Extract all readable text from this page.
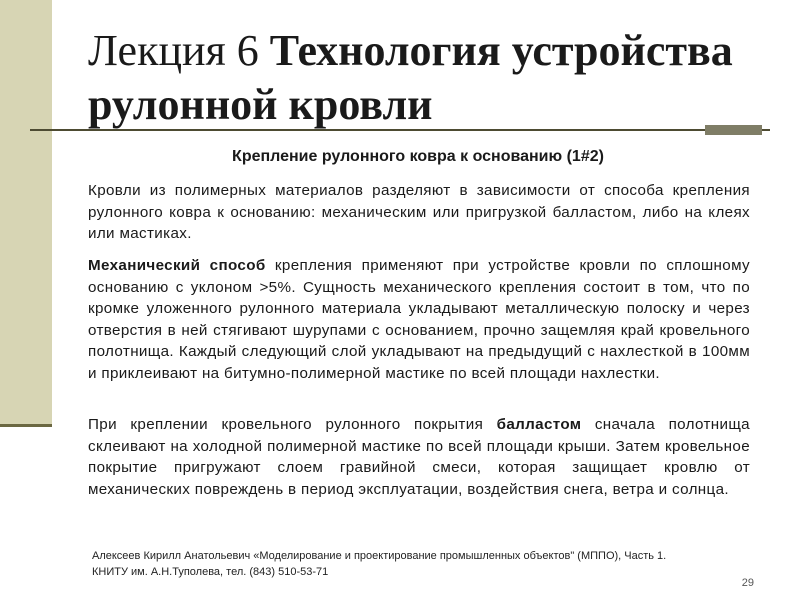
Лекция 6 Технология устройства рулонной кровли

Крепление рулонного ковра к основанию (1#2)

Кровли из полимерных материалов разделяют в зависимости от способа крепления рулонного ковра к основанию: механическим или пригрузкой балластом, либо на клеях или мастиках.

Механический способ крепления применяют при устройстве кровли по сплошному основанию с уклоном >5%. Сущность механического крепления состоит в том, что по кромке уложенного рулонного материала укладывают металлическую полоску и через отверстия в ней стягивают шурупами с основанием, прочно защемляя край кровельного полотнища. Каждый следующий слой укладывают на предыдущий с нахлесткой в 100мм и приклеивают на битумно-полимерной мастике по всей площади нахлестки.

При креплении кровельного рулонного покрытия балластом сначала полотнища склеивают на холодной полимерной мастике по всей площади крыши. Затем кровельное покрытие пригружают слоем гравийной смеси, которая защищает кровлю от механических повреждень в период эксплуатации, воздействия снега, ветра и солнца.

Алексеев Кирилл Анатольевич «Моделирование и проектирование промышленных объектов" (МППО), Часть 1.
КНИТУ им. А.Н.Туполева, тел. (843) 510-53-71
29
